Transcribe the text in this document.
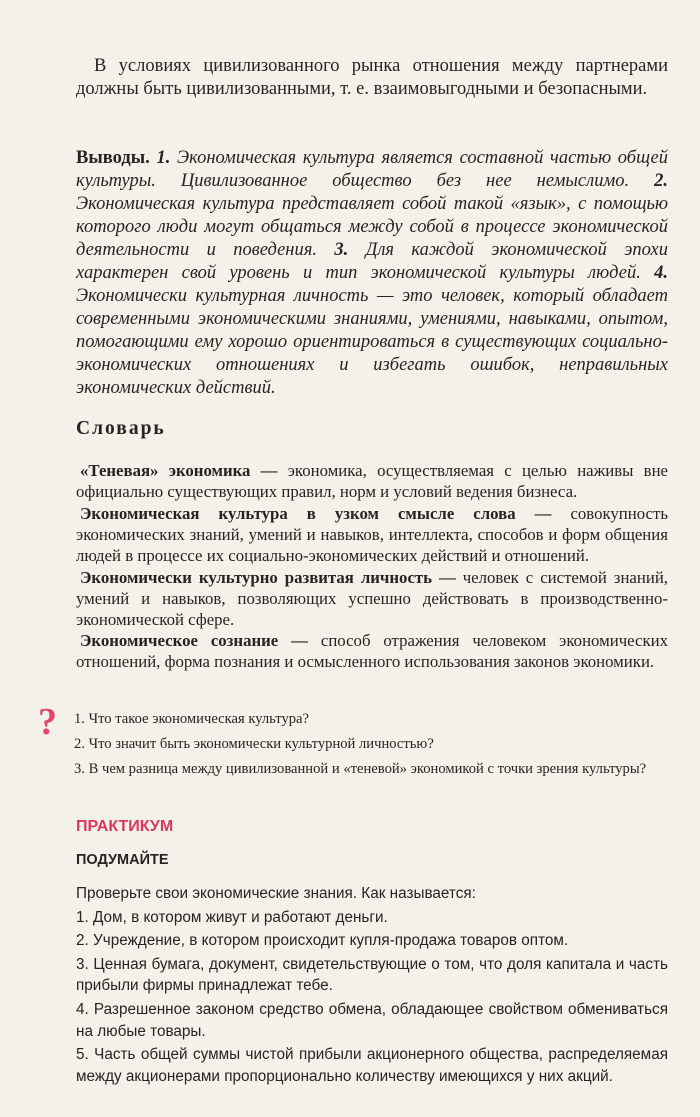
В условиях цивилизованного рынка отношения между партнерами должны быть цивилизованными, т. е. взаимовыгодными и безопасными.

Выводы. 1. Экономическая культура является составной частью общей культуры. Цивилизованное общество без нее немыслимо. 2. Экономическая культура представляет собой такой «язык», с помощью которого люди могут общаться между собой в процессе экономической деятельности и поведения. 3. Для каждой экономической эпохи характерен свой уровень и тип экономической культуры людей. 4. Экономически культурная личность — это человек, который обладает современными экономическими знаниями, умениями, навыками, опытом, помогающими ему хорошо ориентироваться в существующих социально-экономических отношениях и избегать ошибок, неправильных экономических действий.

Словарь

«Теневая» экономика — экономика, осуществляемая с целью наживы вне официально существующих правил, норм и условий ведения бизнеса.

Экономическая культура в узком смысле слова — совокупность экономических знаний, умений и навыков, интеллекта, способов и форм общения людей в процессе их социально-экономических действий и отношений.

Экономически культурно развитая личность — человек с системой знаний, умений и навыков, позволяющих успешно действовать в производственно-экономической сфере.

Экономическое сознание — способ отражения человеком экономических отношений, форма познания и осмысленного использования законов экономики.

? 1. Что такое экономическая культура?
2. Что значит быть экономически культурной личностью?
3. В чем разница между цивилизованной и «теневой» экономикой с точки зрения культуры?
ПРАКТИКУМ
ПОДУМАЙТЕ

Проверьте свои экономические знания. Как называется:

1. Дом, в котором живут и работают деньги.

2. Учреждение, в котором происходит купля-продажа товаров оптом.

3. Ценная бумага, документ, свидетельствующие о том, что доля капитала и часть прибыли фирмы принадлежат тебе.

4. Разрешенное законом средство обмена, обладающее свойством обмениваться на любые товары.

5. Часть общей суммы чистой прибыли акционерного общества, распределяемая между акционерами пропорционально количеству имеющихся у них акций.
